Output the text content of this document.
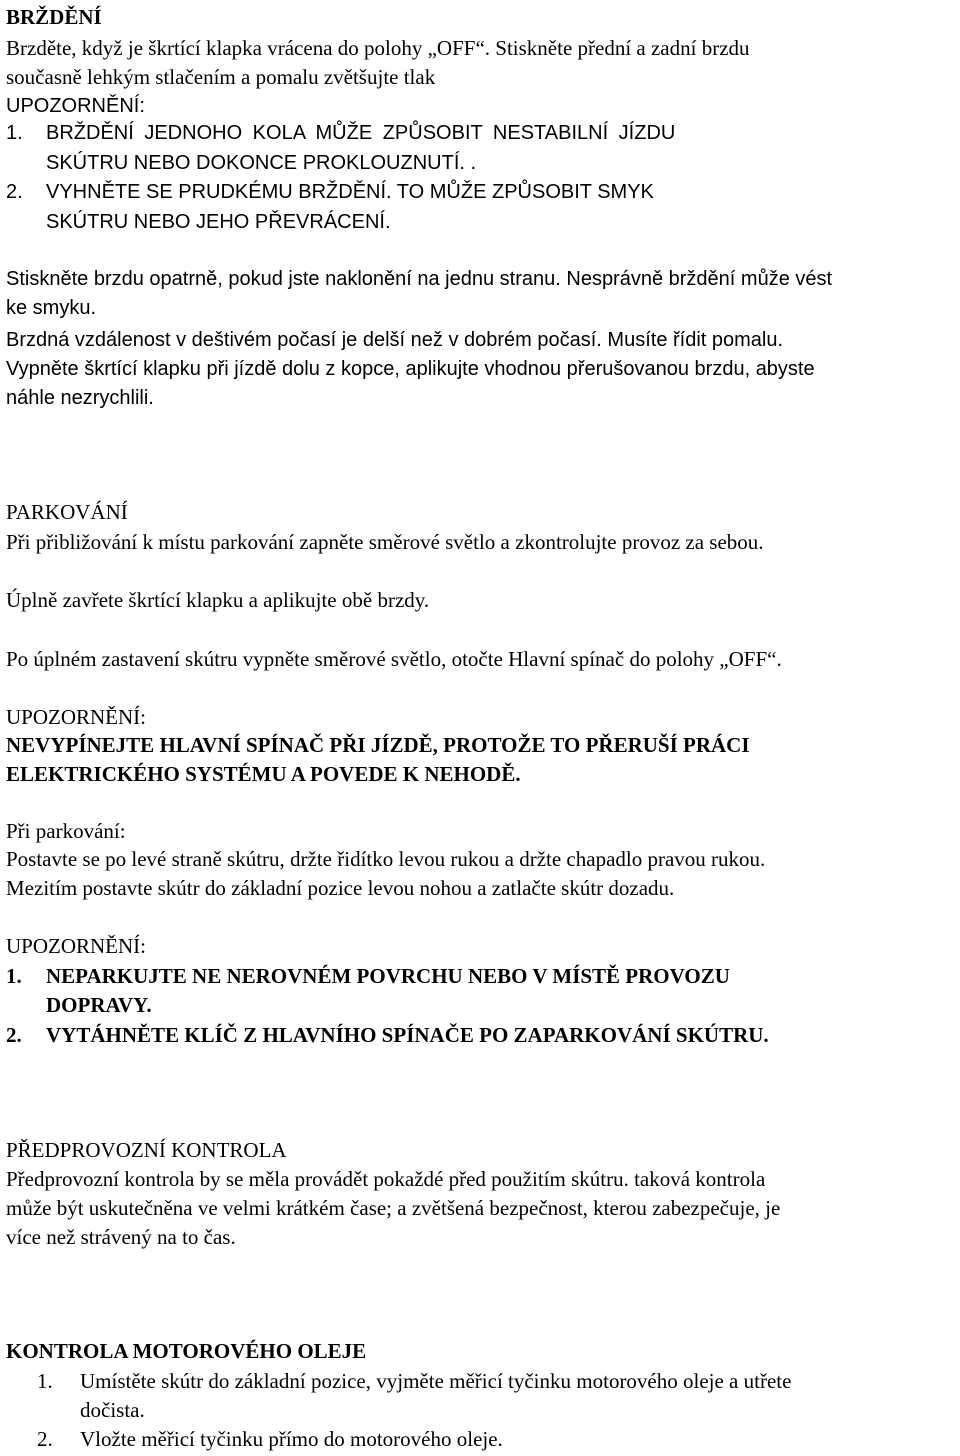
BRŽDĚNÍ

Brzděte, když je škrtící klapka vrácena do polohy „OFF“. Stiskněte přední a zadní brzdu

současně lehkým stlačením a pomalu zvětšujte tlak

UPOZORNĚNÍ:

1. BRŽDĚNÍ JEDNOHO KOLA MŮŽE ZPŮSOBIT NESTABILNÍ JÍZDU
SKÚTRU NEBO DOKONCE PROKLOUZNUTÍ. .
2. VYHNĚTE SE PRUDKÉMU BRŽDĚNÍ. TO MŮŽE ZPŮSOBIT SMYK
SKÚTRU NEBO JEHO PŘEVRÁCENÍ.

Stiskněte brzdu opatrně, pokud jste naklonění na jednu stranu. Nesprávně brždění může vést

ke smyku.

Brzdná vzdálenost v deštivém počasí je delší než v dobrém počasí. Musíte řídit pomalu.

Vypněte škrtící klapku při jízdě dolu z kopce, aplikujte vhodnou přerušovanou brzdu, abyste

náhle nezrychlili.

PARKOVÁNÍ

Při přibližování k místu parkování zapněte směrové světlo a zkontrolujte provoz za sebou.

Úplně zavřete škrtící klapku a aplikujte obě brzdy.

Po úplném zastavení skútru vypněte směrové světlo, otočte Hlavní spínač do polohy „OFF“.

UPOZORNĚNÍ:

NEVYPÍNEJTE HLAVNÍ SPÍNAČ PŘI JÍZDĚ, PROTOŽE TO PŘERUŠÍ PRÁCI

ELEKTRICKÉHO SYSTÉMU A POVEDE K NEHODĚ.

Při parkování:

Postavte se po levé straně skútru, držte řidítko levou rukou a držte chapadlo pravou rukou.

Mezitím postavte skútr do základní pozice levou nohou a zatlačte skútr dozadu.

UPOZORNĚNÍ:

1. NEPARKUJTE NE NEROVNÉM POVRCHU NEBO V MÍSTĚ PROVOZU
DOPRAVY.
2. VYTÁHNĚTE KLÍČ Z HLAVNÍHO SPÍNAČE PO ZAPARKOVÁNÍ SKÚTRU.

PŘEDPROVOZNÍ KONTROLA

Předprovozní kontrola by se měla provádět pokaždé před použitím skútru. taková kontrola

může být uskutečněna ve velmi krátkém čase; a zvětšená bezpečnost, kterou zabezpečuje, je

více než strávený na to čas.

KONTROLA MOTOROVÉHO OLEJE

1. Umístěte skútr do základní pozice, vyjměte měřicí tyčinku motorového oleje a utřete
dočista.
2. Vložte měřicí tyčinku přímo do motorového oleje.
